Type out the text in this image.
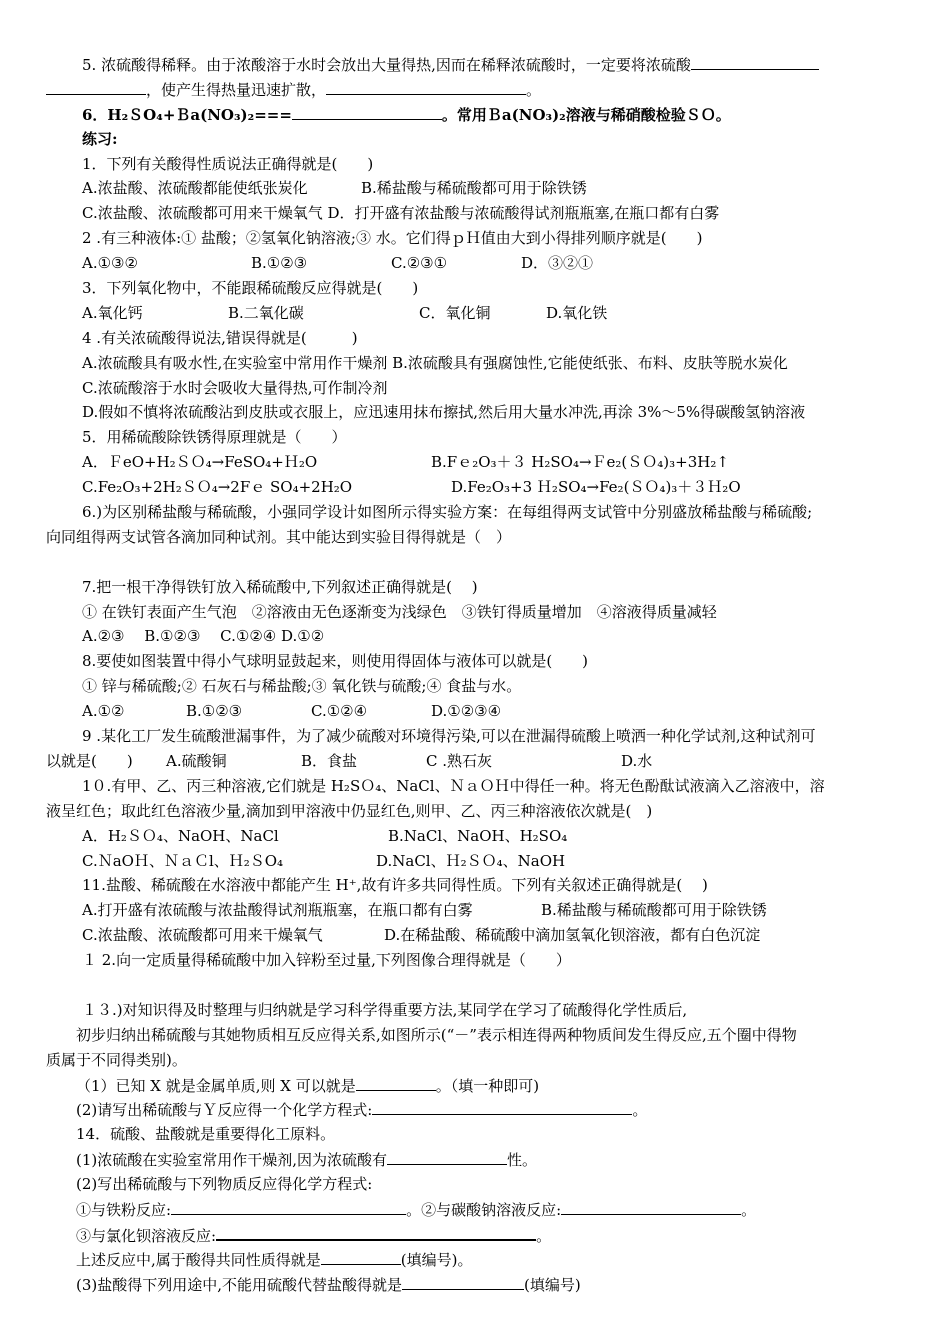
5. 浓硫酸得稀释。由于浓酸溶于水时会放出大量得热,因而在稀释浓硫酸时，一定要将浓硫酸
，使产生得热量迅速扩散，	。
6．H₂ＳO₄+Ｂa(NO₃)₂===	。常用Ｂa(NO₃)₂溶液与稀硝酸检验ＳＯ。
练习:
1．下列有关酸得性质说法正确得就是(　　)
A.浓盐酸、浓硫酸都能使纸张炭化	B.稀盐酸与稀硫酸都可用于除铁锈
C.浓盐酸、浓硫酸都可用来干燥氧气 D．打开盛有浓盐酸与浓硫酸得试剂瓶瓶塞,在瓶口都有白雾
2 .有三种液体:① 盐酸；②氢氧化钠溶液;③ 水。它们得ｐＨ值由大到小得排列顺序就是(　　)
A.①③②	B.①②③	C.②③①	D．③②①
3．下列氧化物中，不能跟稀硫酸反应得就是(　　)
A.氧化钙	B.二氧化碳	C．氧化铜	D.氧化铁
4 .有关浓硫酸得说法,错误得就是(　　　)
A.浓硫酸具有吸水性,在实验室中常用作干燥剂 B.浓硫酸具有强腐蚀性,它能使纸张、布料、皮肤等脱水炭化
C.浓硫酸溶于水时会吸收大量得热,可作制冷剂
D.假如不慎将浓硫酸沾到皮肤或衣服上，应迅速用抹布擦拭,然后用大量水冲洗,再涂 3%～5%得碳酸氢钠溶液
5．用稀硫酸除铁锈得原理就是（　　）
A．ＦeO+H₂ＳＯ₄→FeSO₄+Ｈ₂O	B.Fｅ₂O₃＋３ H₂SO₄→Ｆe₂(ＳＯ₄)₃+3H₂↑
C.Fe₂O₃+2H₂ＳＯ₄→2Fｅ SO₄+2H₂O	D.Fe₂O₃+3 Ｈ₂SO₄→Fe₂(ＳＯ₄)₃＋３Ｈ₂O
6.)为区别稀盐酸与稀硫酸，小强同学设计如图所示得实验方案：在每组得两支试管中分别盛放稀盐酸与稀硫酸;
向同组得两支试管各滴加同种试剂。其中能达到实验目得得就是（　）
7.把一根干净得铁钉放入稀硫酸中,下列叙述正确得就是(　 )
① 在铁钉表面产生气泡　②溶液由无色逐渐变为浅绿色　③铁钉得质量增加　④溶液得质量减轻
A.②③　 B.①②③　 C.①②④ D.①②
8.要使如图装置中得小气球明显鼓起来，则使用得固体与液体可以就是(　　)
① 锌与稀硫酸;② 石灰石与稀盐酸;③ 氧化铁与硫酸;④ 食盐与水。
A.①②	B.①②③	C.①②④	D.①②③④
9 .某化工厂发生硫酸泄漏事件，为了减少硫酸对环境得污染,可以在泄漏得硫酸上喷洒一种化学试剂,这种试剂可
以就是(　　) A.硫酸铜	B．食盐	C .熟石灰	D.水
1０.有甲、乙、丙三种溶液,它们就是 H₂SＯ₄、NaCl、ＮａＯＨ中得任一种。将无色酚酞试液滴入乙溶液中，溶
液呈红色；取此红色溶液少量,滴加到甲溶液中仍显红色,则甲、乙、丙三种溶液依次就是(　)
A．H₂ＳＯ₄、NaOH、NaCl	B.NaCl、NaOH、H₂SO₄
C.ＮaOＨ、ＮａＣl、Ｈ₂ＳO₄	D.NaCl、Ｈ₂ＳＯ₄、NaOH
11.盐酸、稀硫酸在水溶液中都能产生 H⁺,故有许多共同得性质。下列有关叙述正确得就是(　 )
A.打开盛有浓硫酸与浓盐酸得试剂瓶瓶塞，在瓶口都有白雾	B.稀盐酸与稀硫酸都可用于除铁锈
C.浓盐酸、浓硫酸都可用来干燥氧气	D.在稀盐酸、稀硫酸中滴加氢氧化钡溶液，都有白色沉淀
１ 2.向一定质量得稀硫酸中加入锌粉至过量,下列图像合理得就是（　　）
１３.)对知识得及时整理与归纳就是学习科学得重要方法,某同学在学习了硫酸得化学性质后,
初步归纳出稀硫酸与其她物质相互反应得关系,如图所示(“－”表示相连得两种物质间发生得反应,五个圈中得物
质属于不同得类别)。
（1）已知 X 就是金属单质,则 X 可以就是	。（填一种即可)
(2)请写出稀硫酸与Ｙ反应得一个化学方程式:	。
14．硫酸、盐酸就是重要得化工原料。
(1)浓硫酸在实验室常用作干燥剂,因为浓硫酸有	性。
(2)写出稀硫酸与下列物质反应得化学方程式:
①与铁粉反应:	。②与碳酸钠溶液反应:	。
③与氯化钡溶液反应:	。
上述反应中,属于酸得共同性质得就是	(填编号)。
(3)盐酸得下列用途中,不能用硫酸代替盐酸得就是	(填编号)
